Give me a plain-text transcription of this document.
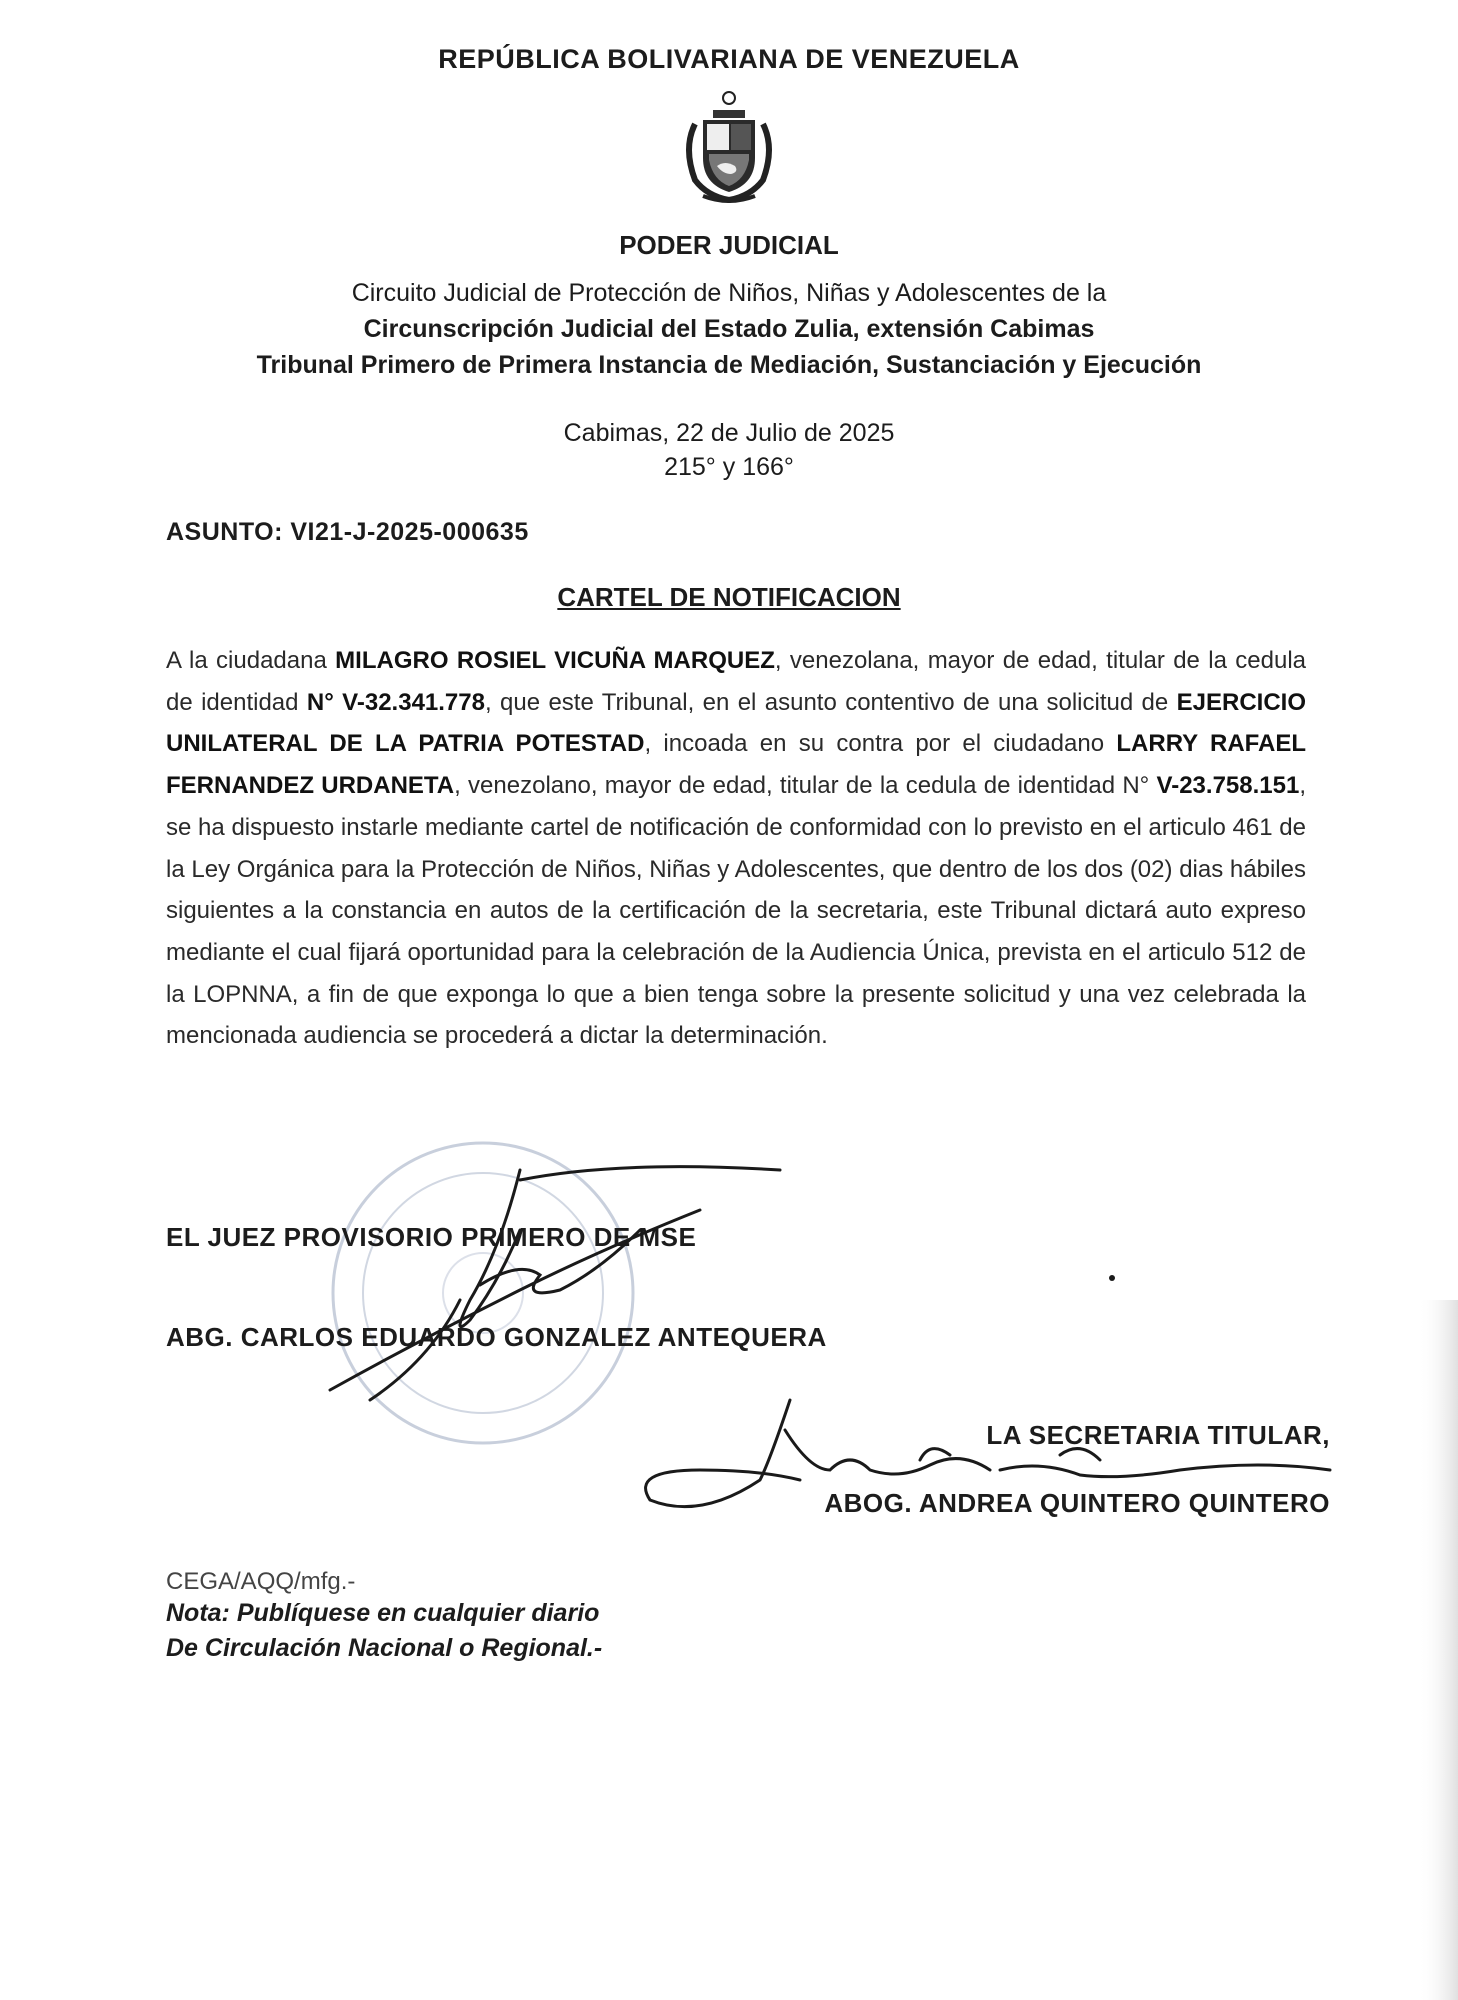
REPÚBLICA BOLIVARIANA DE VENEZUELA
PODER JUDICIAL
Circuito Judicial de Protección de Niños, Niñas y Adolescentes de la
Circunscripción Judicial del Estado Zulia, extensión Cabimas
Tribunal Primero de Primera Instancia de Mediación, Sustanciación y Ejecución
Cabimas, 22 de Julio de 2025
215° y 166°
ASUNTO: VI21-J-2025-000635
CARTEL DE NOTIFICACION

A la ciudadana MILAGRO ROSIEL VICUÑA MARQUEZ, venezolana, mayor de edad, titular de la cedula de identidad N° V-32.341.778, que este Tribunal, en el asunto contentivo de una solicitud de EJERCICIO UNILATERAL DE LA PATRIA POTESTAD, incoada en su contra por el ciudadano LARRY RAFAEL FERNANDEZ URDANETA, venezolano, mayor de edad, titular de la cedula de identidad N° V-23.758.151, se ha dispuesto instarle mediante cartel de notificación de conformidad con lo previsto en el articulo 461 de la Ley Orgánica para la Protección de Niños, Niñas y Adolescentes, que dentro de los dos (02) dias hábiles siguientes a la constancia en autos de la certificación de la secretaria, este Tribunal dictará auto expreso mediante el cual fijará oportunidad para la celebración de la Audiencia Única, prevista en el articulo 512 de la LOPNNA, a fin de que exponga lo que a bien tenga sobre la presente solicitud y una vez celebrada la mencionada audiencia se procederá a dictar la determinación.

EL JUEZ PROVISORIO PRIMERO DE MSE
ABG. CARLOS EDUARDO GONZALEZ ANTEQUERA
LA SECRETARIA TITULAR,
ABOG. ANDREA QUINTERO QUINTERO
CEGA/AQQ/mfg.-
Nota: Publíquese en cualquier diario
De Circulación Nacional o Regional.-
